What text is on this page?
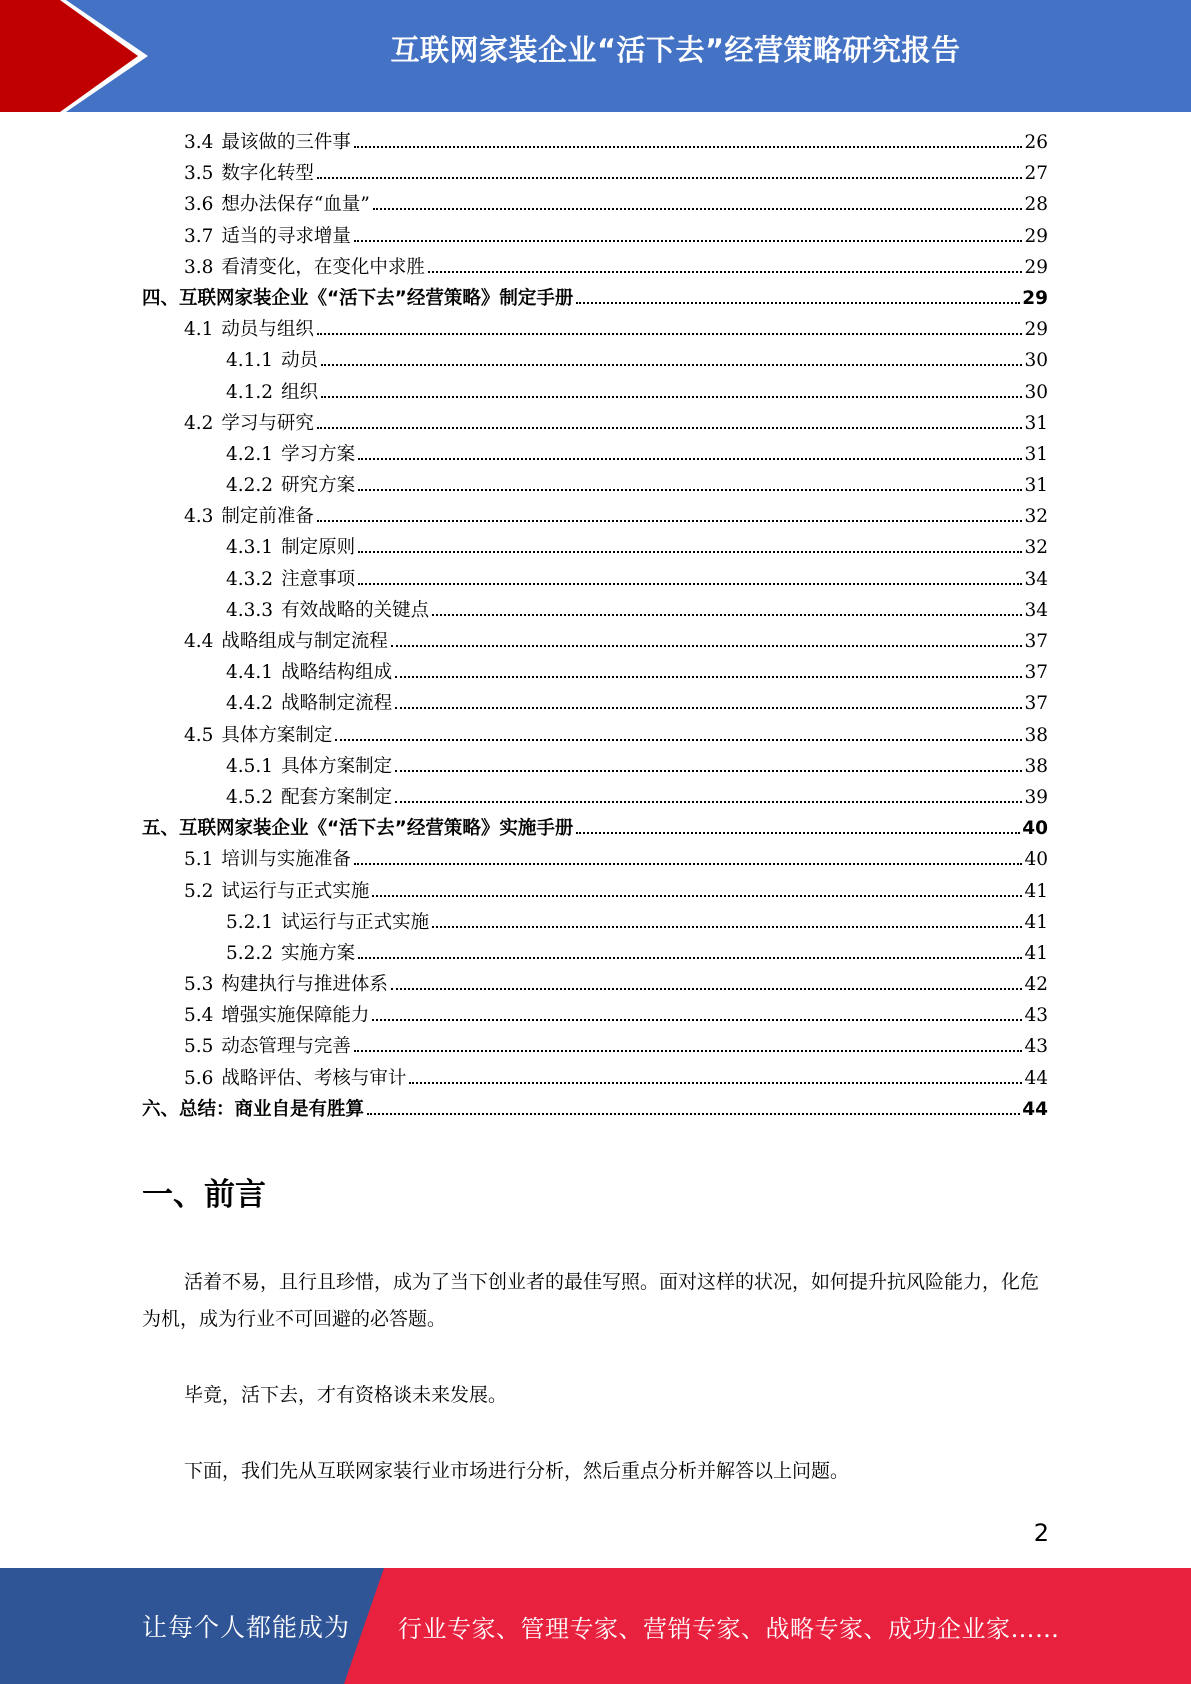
互联网家装企业“活下去”经营策略研究报告
3.4 最该做的三件事	26
3.5 数字化转型	27
3.6 想办法保存“血量”	28
3.7 适当的寻求增量	29
3.8 看清变化，在变化中求胜	29
四、互联网家装企业《“活下去”经营策略》制定手册	29
4.1 动员与组织	29
4.1.1 动员	30
4.1.2 组织	30
4.2 学习与研究	31
4.2.1 学习方案	31
4.2.2 研究方案	31
4.3 制定前准备	32
4.3.1 制定原则	32
4.3.2 注意事项	34
4.3.3 有效战略的关键点	34
4.4 战略组成与制定流程	37
4.4.1 战略结构组成	37
4.4.2 战略制定流程	37
4.5 具体方案制定	38
4.5.1 具体方案制定	38
4.5.2 配套方案制定	39
五、互联网家装企业《“活下去”经营策略》实施手册	40
5.1 培训与实施准备	40
5.2 试运行与正式实施	41
5.2.1 试运行与正式实施	41
5.2.2 实施方案	41
5.3 构建执行与推进体系	42
5.4 增强实施保障能力	43
5.5 动态管理与完善	43
5.6 战略评估、考核与审计	44
六、总结：商业自是有胜算	44
一、前言

活着不易，且行且珍惜，成为了当下创业者的最佳写照。面对这样的状况，如何提升抗风险能力，化危为机，成为行业不可回避的必答题。

毕竟，活下去，才有资格谈未来发展。

下面，我们先从互联网家装行业市场进行分析，然后重点分析并解答以上问题。

2
让每个人都能成为 行业专家、管理专家、营销专家、战略专家、成功企业家……
